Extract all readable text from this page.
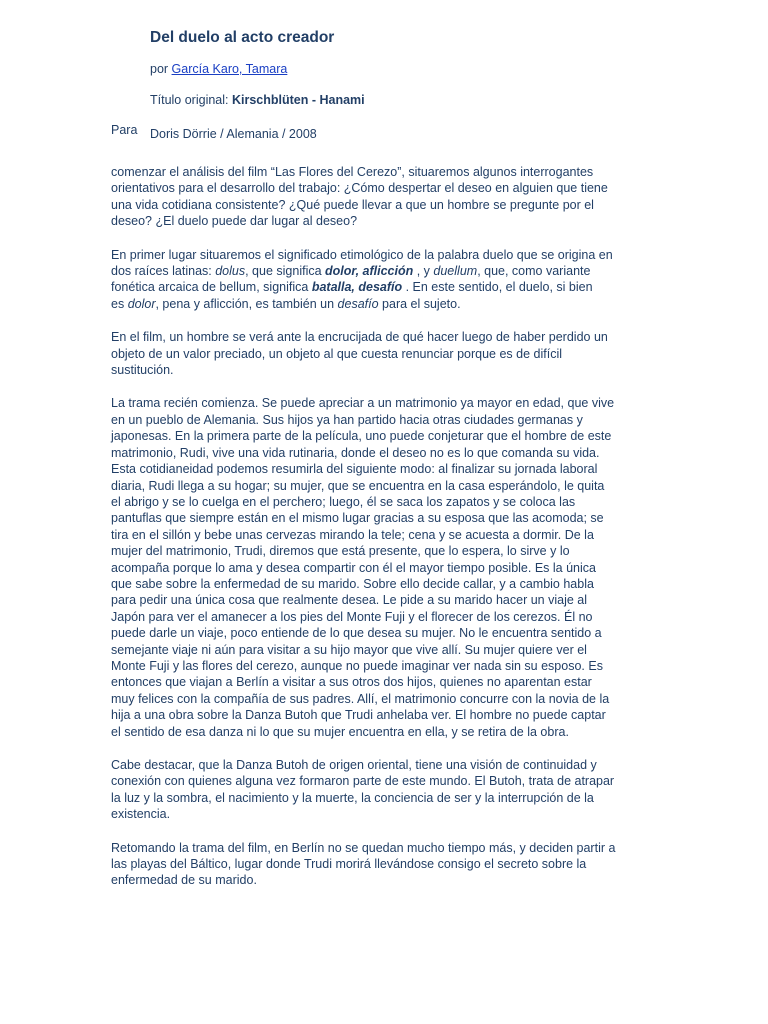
Del duelo al acto creador
por García Karo, Tamara
Título original: Kirschblüten - Hanami
Para Doris Dörrie / Alemania / 2008

comenzar el análisis del film “Las Flores del Cerezo”, situaremos algunos interrogantes
orientativos para el desarrollo del trabajo: ¿Cómo despertar el deseo en alguien que tiene
una vida cotidiana consistente? ¿Qué puede llevar a que un hombre se pregunte por el
deseo? ¿El duelo puede dar lugar al deseo?

En primer lugar situaremos el significado etimológico de la palabra duelo que se origina en
dos raíces latinas: dolus, que significa dolor, aflicción , y duellum, que, como variante
fonética arcaica de bellum, significa batalla, desafío . En este sentido, el duelo, si bien
es dolor, pena y aflicción, es también un desafío para el sujeto.

En el film, un hombre se verá ante la encrucijada de qué hacer luego de haber perdido un
objeto de un valor preciado, un objeto al que cuesta renunciar porque es de difícil
sustitución.

La trama recién comienza. Se puede apreciar a un matrimonio ya mayor en edad, que vive
en un pueblo de Alemania. Sus hijos ya han partido hacia otras ciudades germanas y
japonesas. En la primera parte de la película, uno puede conjeturar que el hombre de este
matrimonio, Rudi, vive una vida rutinaria, donde el deseo no es lo que comanda su vida.
Esta cotidianeidad podemos resumirla del siguiente modo: al finalizar su jornada laboral
diaria, Rudi llega a su hogar; su mujer, que se encuentra en la casa esperándolo, le quita
el abrigo y se lo cuelga en el perchero; luego, él se saca los zapatos y se coloca las
pantuflas que siempre están en el mismo lugar gracias a su esposa que las acomoda; se
tira en el sillón y bebe unas cervezas mirando la tele; cena y se acuesta a dormir. De la
mujer del matrimonio, Trudi, diremos que está presente, que lo espera, lo sirve y lo
acompaña porque lo ama y desea compartir con él el mayor tiempo posible. Es la única
que sabe sobre la enfermedad de su marido. Sobre ello decide callar, y a cambio habla
para pedir una única cosa que realmente desea. Le pide a su marido hacer un viaje al
Japón para ver el amanecer a los pies del Monte Fuji y el florecer de los cerezos. Él no
puede darle un viaje, poco entiende de lo que desea su mujer. No le encuentra sentido a
semejante viaje ni aún para visitar a su hijo mayor que vive allí. Su mujer quiere ver el
Monte Fuji y las flores del cerezo, aunque no puede imaginar ver nada sin su esposo. Es
entonces que viajan a Berlín a visitar a sus otros dos hijos, quienes no aparentan estar
muy felices con la compañía de sus padres. Allí, el matrimonio concurre con la novia de la
hija a una obra sobre la Danza Butoh que Trudi anhelaba ver. El hombre no puede captar
el sentido de esa danza ni lo que su mujer encuentra en ella, y se retira de la obra.

Cabe destacar, que la Danza Butoh de origen oriental, tiene una visión de continuidad y
conexión con quienes alguna vez formaron parte de este mundo. El Butoh, trata de atrapar
la luz y la sombra, el nacimiento y la muerte, la conciencia de ser y la interrupción de la
existencia.

Retomando la trama del film, en Berlín no se quedan mucho tiempo más, y deciden partir a
las playas del Báltico, lugar donde Trudi morirá llevándose consigo el secreto sobre la
enfermedad de su marido.
